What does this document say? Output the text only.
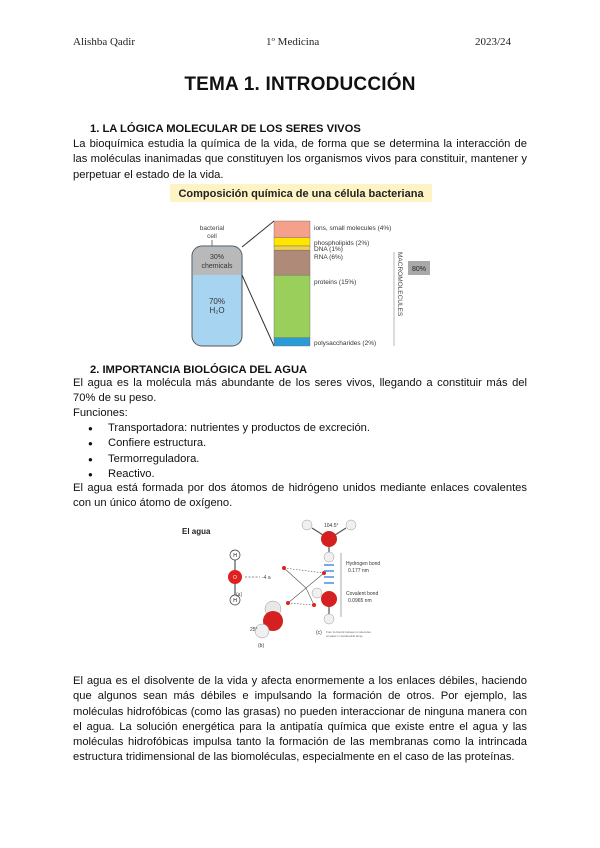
Alishba Qadir	1º Medicina	2023/24
TEMA 1. INTRODUCCIÓN
1. LA LÓGICA MOLECULAR DE LOS SERES VIVOS
La bioquímica estudia la química de la vida, de forma que se determina la interacción de las moléculas inanimadas que constituyen los organismos vivos para constituir, mantener y perpetuar el estado de la vida.
Composición química de una célula bacteriana
bacterial
cell
30%
chemicals
70%
H₂O
ions, small molecules (4%)
phospholipids (2%)
DNA (1%)
RNA (6%)
proteins (15%)
polysaccharides (2%)
MACROMOLECULES 80%
2. IMPORTANCIA BIOLÓGICA DEL AGUA
El agua es la molécula más abundante de los seres vivos, llegando a constituir más del 70% de su peso.
Funciones:
● Transportadora: nutrientes y productos de excreción.
● Confiere estructura.
● Termorreguladora.
● Reactivo.
El agua está formada por dos átomos de hidrógeno unidos mediante enlaces covalentes con un único átomo de oxígeno.
El agua
H
O
H
-4 a
(a)
25°
(b)
104.5°
Hydrogen bond
0.177 nm
Covalent bond
0.0965 nm
(c) Four H-bonds between molecules
of water in tetrahedral array
El agua es el disolvente de la vida y afecta enormemente a los enlaces débiles, haciendo que algunos sean más débiles e impulsando la formación de otros. Por ejemplo, las moléculas hidrofóbicas (como las grasas) no pueden interaccionar de ninguna manera con el agua. La solución energética para la antipatía química que existe entre el agua y las moléculas hidrofóbicas impulsa tanto la formación de las membranas como la intrincada estructura tridimensional de las biomoléculas, especialmente en el caso de las proteínas.
